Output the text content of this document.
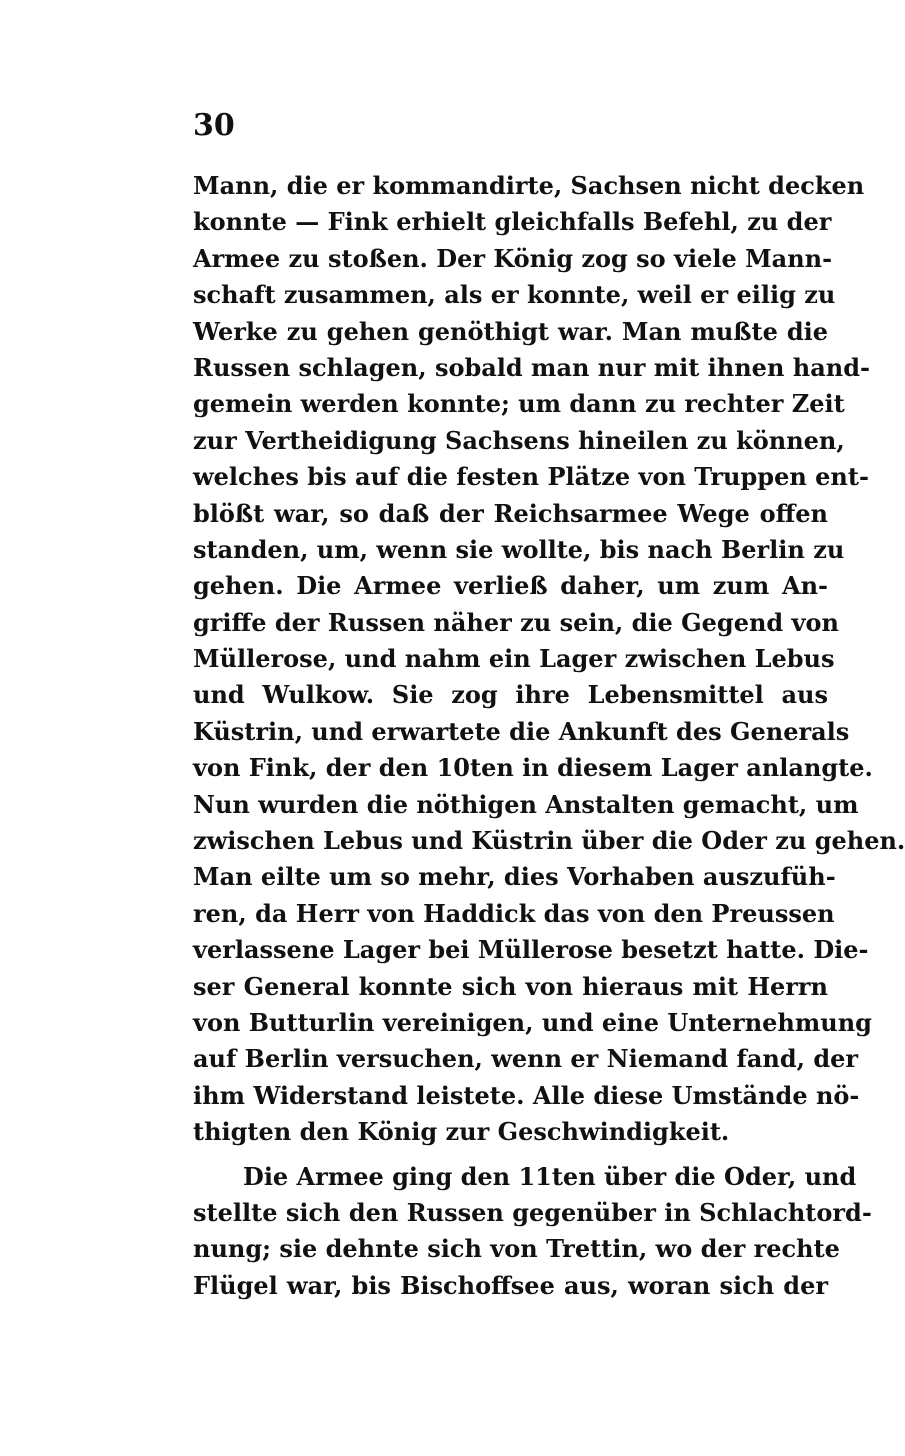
30
Mann, die er kommandirte, Sachsen nicht decken
konnte — Fink erhielt gleichfalls Befehl, zu der
Armee zu stoßen. Der König zog so viele Mann-
schaft zusammen, als er konnte, weil er eilig zu
Werke zu gehen genöthigt war. Man mußte die
Russen schlagen, sobald man nur mit ihnen hand-
gemein werden konnte; um dann zu rechter Zeit
zur Vertheidigung Sachsens hineilen zu können,
welches bis auf die festen Plätze von Truppen ent-
blößt war, so daß der Reichsarmee Wege offen
standen, um, wenn sie wollte, bis nach Berlin zu
gehen. Die Armee verließ daher, um zum An-
griffe der Russen näher zu sein, die Gegend von
Müllerose, und nahm ein Lager zwischen Lebus
und Wulkow. Sie zog ihre Lebensmittel aus
Küstrin, und erwartete die Ankunft des Generals
von Fink, der den 10ten in diesem Lager anlangte.
Nun wurden die nöthigen Anstalten gemacht, um
zwischen Lebus und Küstrin über die Oder zu gehen.
Man eilte um so mehr, dies Vorhaben auszufüh-
ren, da Herr von Haddick das von den Preussen
verlassene Lager bei Müllerose besetzt hatte. Die-
ser General konnte sich von hieraus mit Herrn
von Butturlin vereinigen, und eine Unternehmung
auf Berlin versuchen, wenn er Niemand fand, der
ihm Widerstand leistete. Alle diese Umstände nö-
thigten den König zur Geschwindigkeit.
Die Armee ging den 11ten über die Oder, und
stellte sich den Russen gegenüber in Schlachtord-
nung; sie dehnte sich von Trettin, wo der rechte
Flügel war, bis Bischoffsee aus, woran sich der
